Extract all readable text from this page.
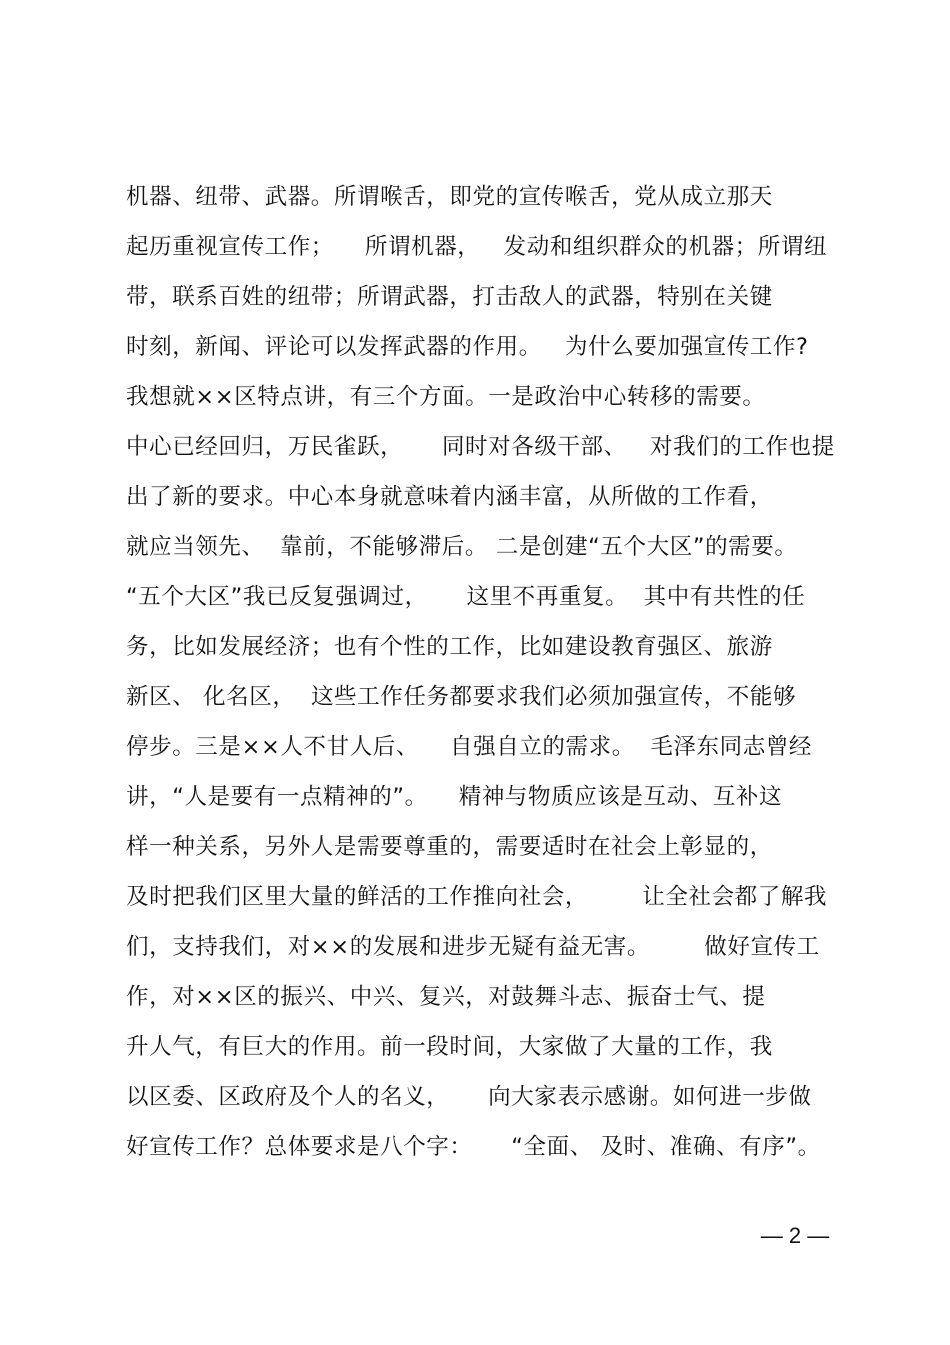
机器、纽带、武器。所谓喉舌，即党的宣传喉舌，党从成立那天
起历重视宣传工作；    所谓机器，   发动和组织群众的机器；所谓纽
带，联系百姓的纽带；所谓武器，打击敌人的武器，特别在关键
时刻，新闻、评论可以发挥武器的作用。   为什么要加强宣传工作?
我想就××区特点讲，有三个方面。一是政治中心转移的需要。
中心已经回归，万民雀跃，     同时对各级干部、   对我们的工作也提
出了新的要求。中心本身就意味着内涵丰富，从所做的工作看，
就应当领先、  靠前，不能够滞后。 二是创建“五个大区”的需要。
“五个大区”我已反复强调过，     这里不再重复。  其中有共性的任
务，比如发展经济；也有个性的工作，比如建设教育强区、旅游
新区、 化名区，  这些工作任务都要求我们必须加强宣传，不能够
停步。三是××人不甘人后、    自强自立的需求。  毛泽东同志曾经
讲，“人是要有一点精神的”。    精神与物质应该是互动、互补这
样一种关系，另外人是需要尊重的，需要适时在社会上彰显的，
及时把我们区里大量的鲜活的工作推向社会，       让全社会都了解我
们，支持我们，对××的发展和进步无疑有益无害。       做好宣传工
作，对××区的振兴、中兴、复兴，对鼓舞斗志、振奋士气、提
升人气，有巨大的作用。前一段时间，大家做了大量的工作，我
以区委、区政府及个人的名义，     向大家表示感谢。如何进一步做
好宣传工作？总体要求是八个字：     “全面、 及时、准确、有序”。
— 2 —
